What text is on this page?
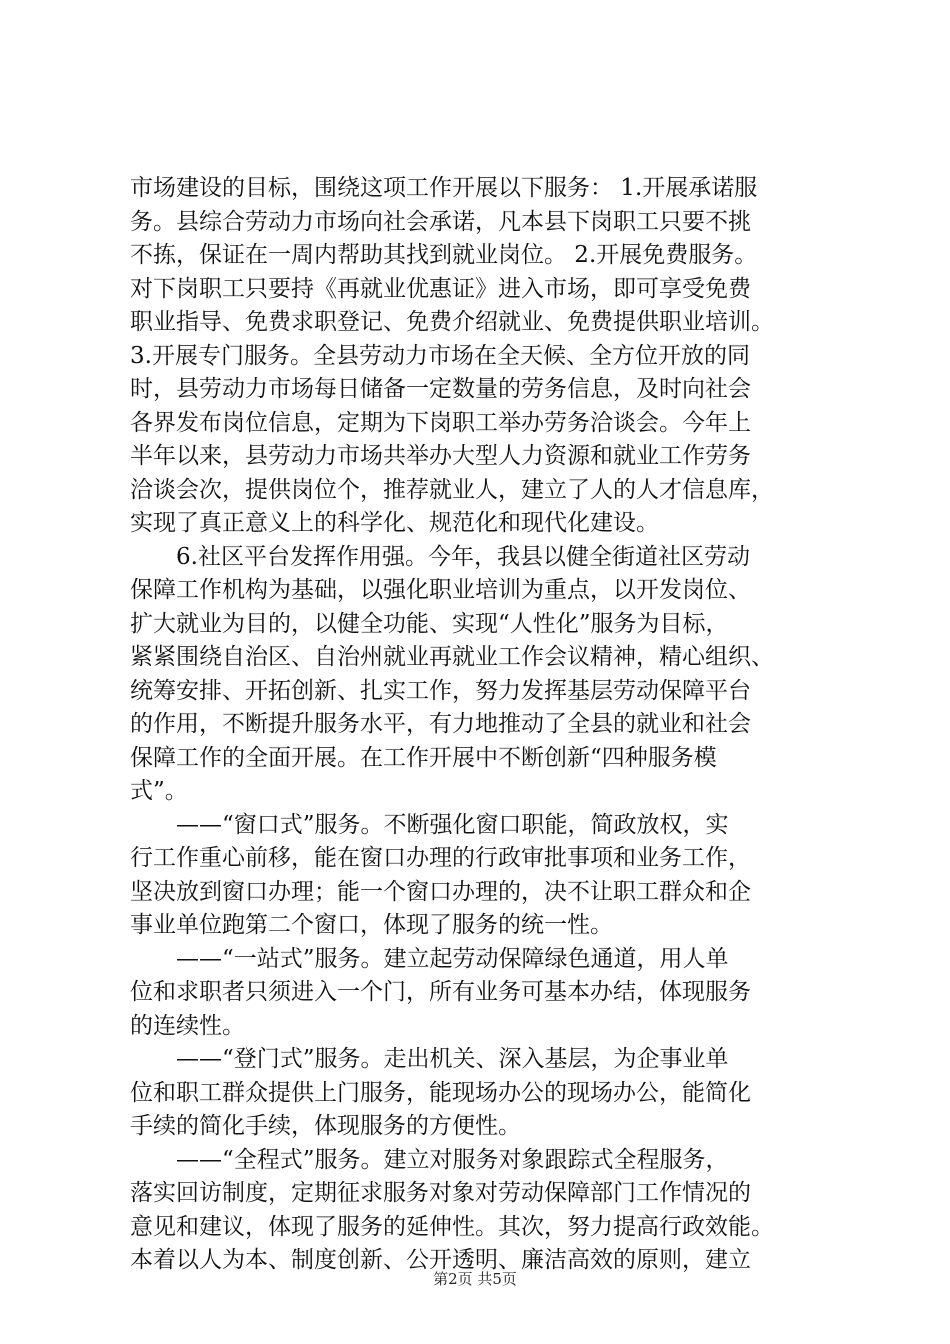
市场建设的目标，围绕这项工作开展以下服务： 1.开展承诺服
务。县综合劳动力市场向社会承诺，凡本县下岗职工只要不挑
不拣，保证在一周内帮助其找到就业岗位。 2.开展免费服务。
对下岗职工只要持《再就业优惠证》进入市场，即可享受免费
职业指导、免费求职登记、免费介绍就业、免费提供职业培训。
3.开展专门服务。全县劳动力市场在全天候、全方位开放的同
时，县劳动力市场每日储备一定数量的劳务信息，及时向社会
各界发布岗位信息，定期为下岗职工举办劳务洽谈会。今年上
半年以来，县劳动力市场共举办大型人力资源和就业工作劳务
洽谈会次，提供岗位个，推荐就业人，建立了人的人才信息库，
实现了真正意义上的科学化、规范化和现代化建设。
　　6.社区平台发挥作用强。今年，我县以健全街道社区劳动
保障工作机构为基础，以强化职业培训为重点，以开发岗位、
扩大就业为目的，以健全功能、实现“人性化”服务为目标，
紧紧围绕自治区、自治州就业再就业工作会议精神，精心组织、
统筹安排、开拓创新、扎实工作，努力发挥基层劳动保障平台
的作用，不断提升服务水平，有力地推动了全县的就业和社会
保障工作的全面开展。在工作开展中不断创新“四种服务模
式”。
　　——“窗口式”服务。不断强化窗口职能，简政放权，实
行工作重心前移，能在窗口办理的行政审批事项和业务工作，
坚决放到窗口办理；能一个窗口办理的，决不让职工群众和企
事业单位跑第二个窗口，体现了服务的统一性。
　　——“一站式”服务。建立起劳动保障绿色通道，用人单
位和求职者只须进入一个门，所有业务可基本办结，体现服务
的连续性。
　　——“登门式”服务。走出机关、深入基层，为企事业单
位和职工群众提供上门服务，能现场办公的现场办公，能简化
手续的简化手续，体现服务的方便性。
　　——“全程式”服务。建立对服务对象跟踪式全程服务，
落实回访制度，定期征求服务对象对劳动保障部门工作情况的
意见和建议，体现了服务的延伸性。其次，努力提高行政效能。
本着以人为本、制度创新、公开透明、廉洁高效的原则，建立
第2页 共5页
